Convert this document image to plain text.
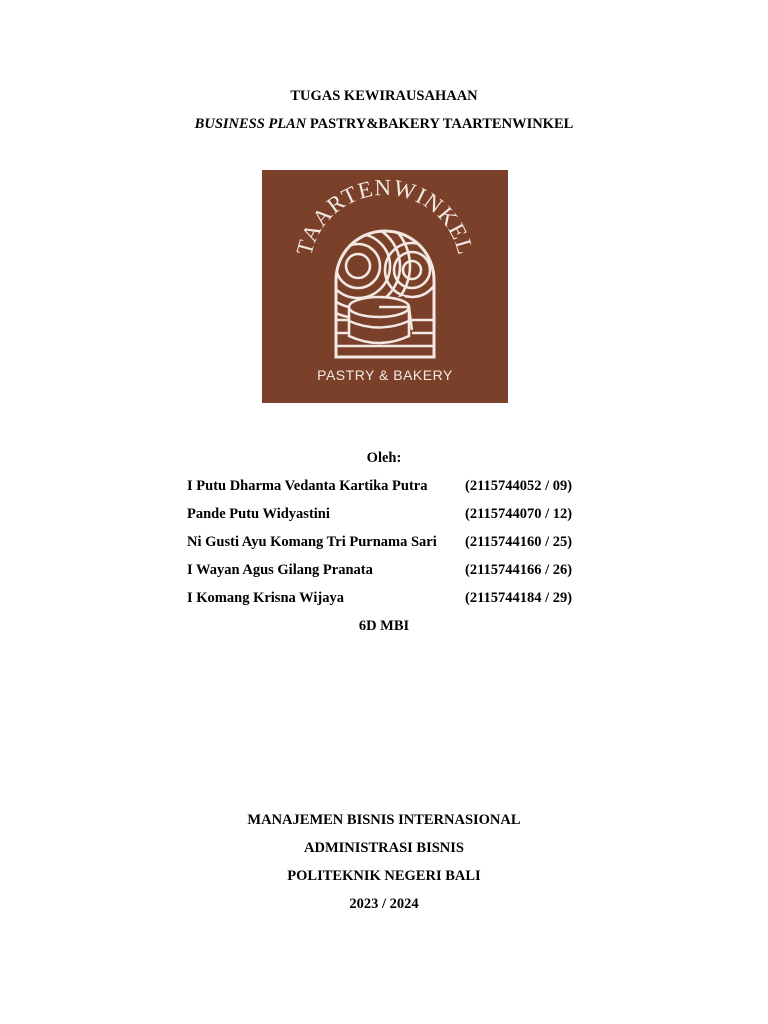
TUGAS KEWIRAUSAHAAN
BUSINESS PLAN PASTRY&BAKERY TAARTENWINKEL
TAARTENWINKEL
PASTRY & BAKERY
Oleh:
I Putu Dharma Vedanta Kartika Putra	(2115744052 / 09)
Pande Putu Widyastini	(2115744070 / 12)
Ni Gusti Ayu Komang Tri Purnama Sari (2115744160 / 25)
I Wayan Agus Gilang Pranata	(2115744166 / 26)
I Komang Krisna Wijaya	(2115744184 / 29)
6D MBI
MANAJEMEN BISNIS INTERNASIONAL
ADMINISTRASI BISNIS
POLITEKNIK NEGERI BALI
2023 / 2024
